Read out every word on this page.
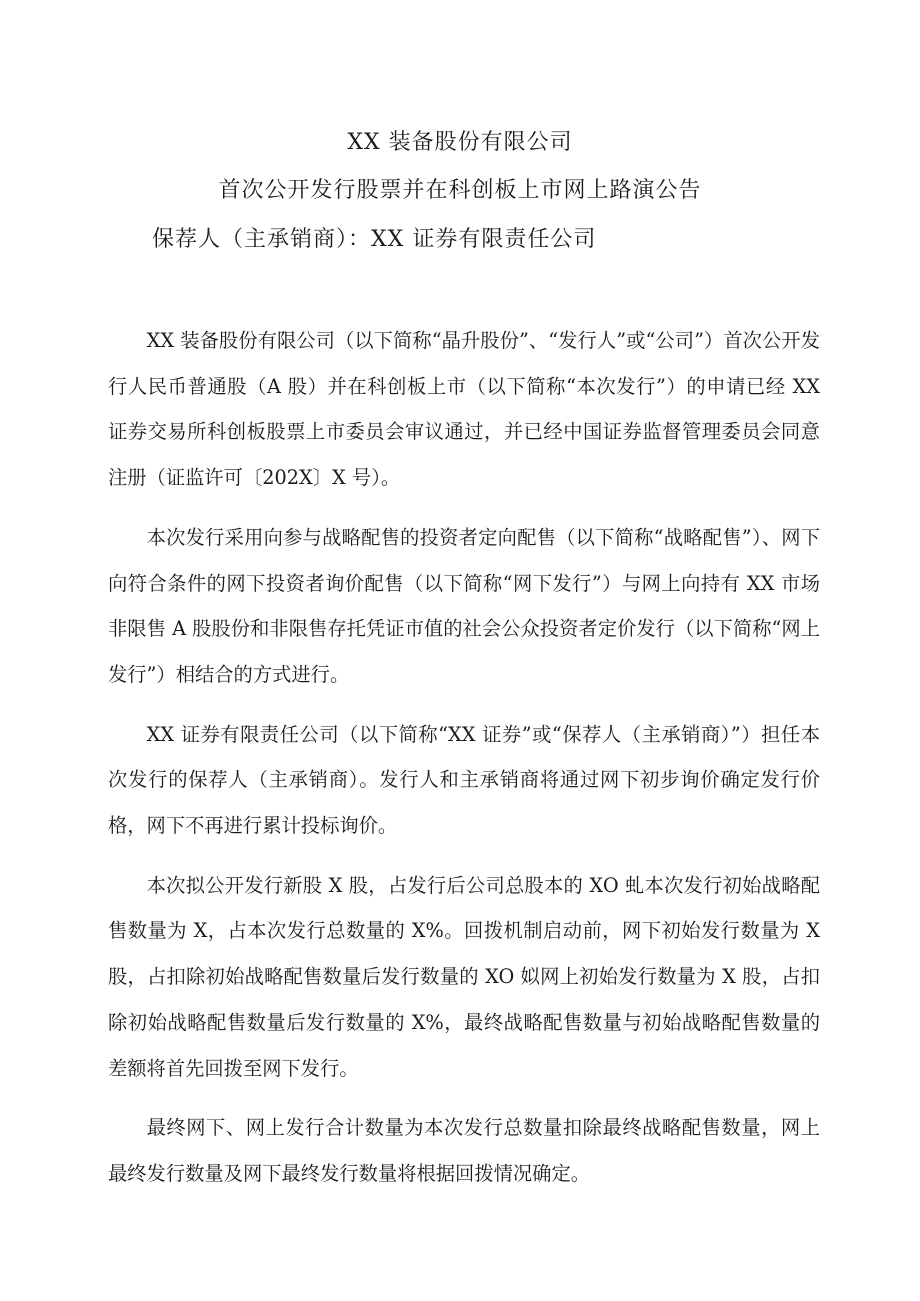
XX 装备股份有限公司
首次公开发行股票并在科创板上市网上路演公告
保荐人（主承销商）：XX 证券有限责任公司

XX 装备股份有限公司（以下简称“晶升股份”、“发行人”或“公司”）首次公开发行人民币普通股（A 股）并在科创板上市（以下简称“本次发行”）的申请已经 XX 证券交易所科创板股票上市委员会审议通过，并已经中国证券监督管理委员会同意注册（证监许可〔202X〕X 号）。

本次发行采用向参与战略配售的投资者定向配售（以下简称“战略配售”）、网下向符合条件的网下投资者询价配售（以下简称“网下发行”）与网上向持有 XX 市场非限售 A 股股份和非限售存托凭证市值的社会公众投资者定价发行（以下简称“网上发行”）相结合的方式进行。

XX 证券有限责任公司（以下简称“XX 证券”或“保荐人（主承销商）”）担任本次发行的保荐人（主承销商）。发行人和主承销商将通过网下初步询价确定发行价格，网下不再进行累计投标询价。

本次拟公开发行新股 X 股，占发行后公司总股本的 XO 虬本次发行初始战略配售数量为 X，占本次发行总数量的 X%。回拨机制启动前，网下初始发行数量为 X 股，占扣除初始战略配售数量后发行数量的 XO 姒网上初始发行数量为 X 股，占扣除初始战略配售数量后发行数量的 X%，最终战略配售数量与初始战略配售数量的差额将首先回拨至网下发行。

最终网下、网上发行合计数量为本次发行总数量扣除最终战略配售数量，网上最终发行数量及网下最终发行数量将根据回拨情况确定。
